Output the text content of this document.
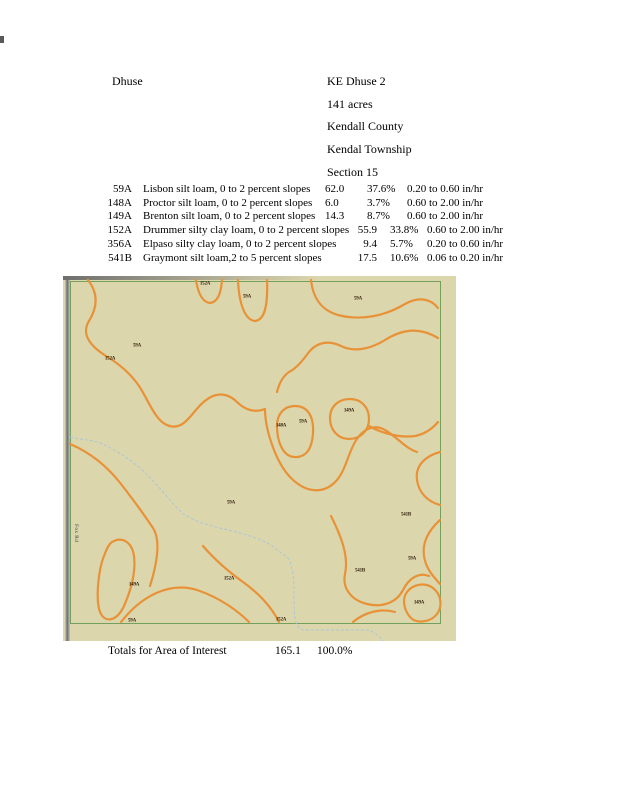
Dhuse	KE Dhuse 2
141 acres
Kendall County
Kendal Township
Section 15
59A Lisbon silt loam, 0 to 2 percent slopes 62.0 37.6% 0.20 to 0.60 in/hr
148A Proctor silt loam, 0 to 2 percent slopes 6.0	3.7% 0.60 to 2.00 in/hr
149A Brenton silt loam, 0 to 2 percent slopes 14.3 8.7% 0.60 to 2.00 in/hr
152A Drummer silty clay loam, 0 to 2 percent slopes 55.9 33.8% 0.60 to 2.00 in/hr
356A Elpaso silty clay loam, 0 to 2 percent slopes	9.4 5.7% 0.20 to 0.60 in/hr
541B Graymont silt loam,2 to 5 percent slopes	17.5 10.6% 0.06 to 0.20 in/hr
Fox Rd
152A
59A	59A
59A
152A
148A
59A
149A
59A
541B
149A
152A
59A	152A
541B
59A
149A
Totals for Area of Interest	165.1 100.0%
